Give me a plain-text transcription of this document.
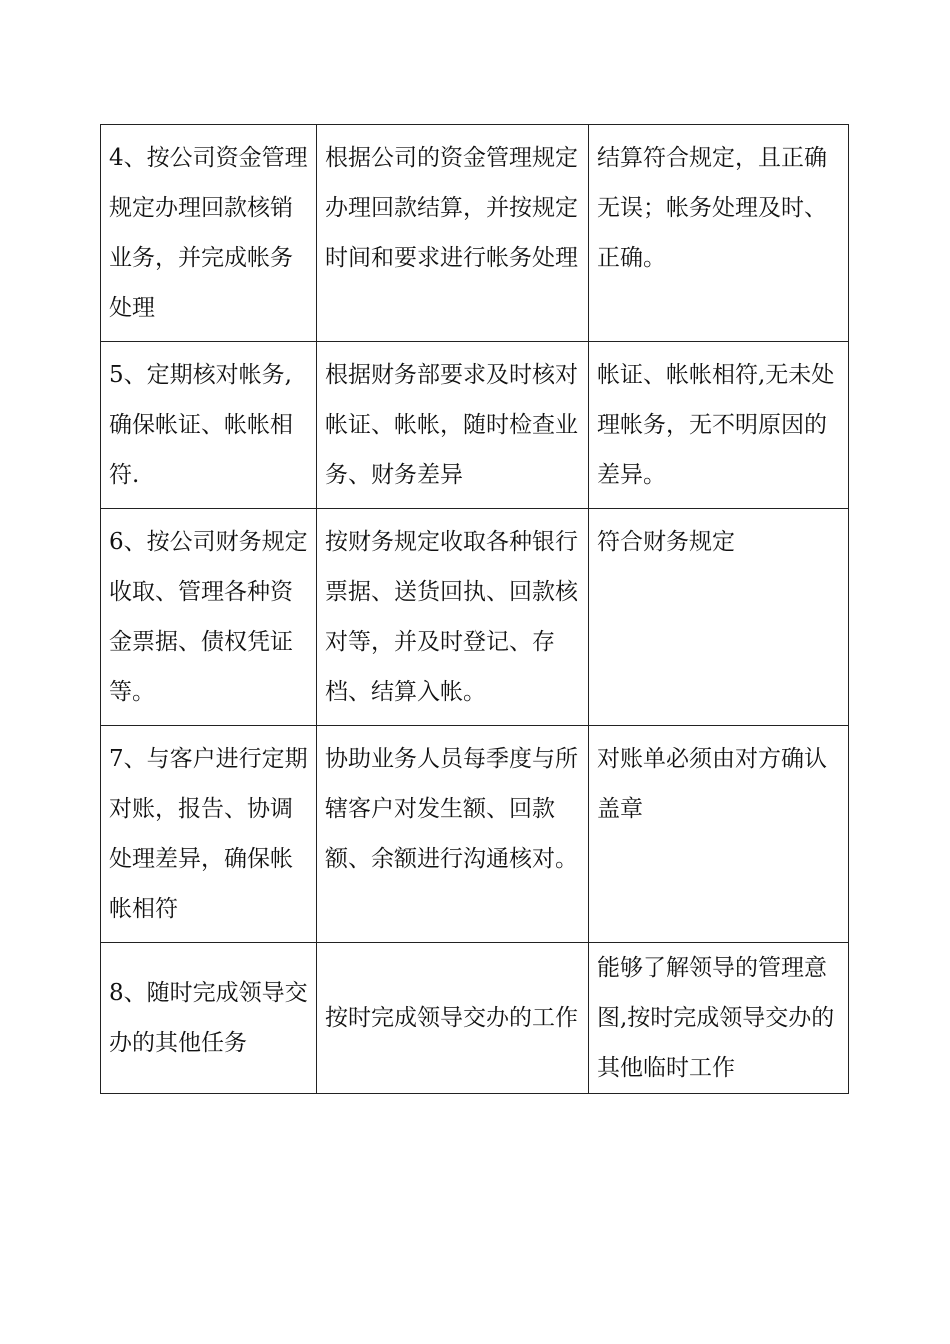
4、按公司资金管理规定办理回款核销业务，并完成帐务处理	根据公司的资金管理规定办理回款结算，并按规定时间和要求进行帐务处理	结算符合规定，且正确无误；帐务处理及时、正确。

5、定期核对帐务,确保帐证、帐帐相符.	根据财务部要求及时核对帐证、帐帐，随时检查业务、财务差异	帐证、帐帐相符,无未处理帐务，无不明原因的差异。

6、按公司财务规定收取、管理各种资金票据、债权凭证等。	按财务规定收取各种银行票据、送货回执、回款核对等，并及时登记、存档、结算入帐。	符合财务规定

7、与客户进行定期对账，报告、协调处理差异，确保帐帐相符	协助业务人员每季度与所辖客户对发生额、回款额、余额进行沟通核对。	对账单必须由对方确认盖章

8、随时完成领导交办的其他任务	按时完成领导交办的工作	能够了解领导的管理意图,按时完成领导交办的其他临时工作
